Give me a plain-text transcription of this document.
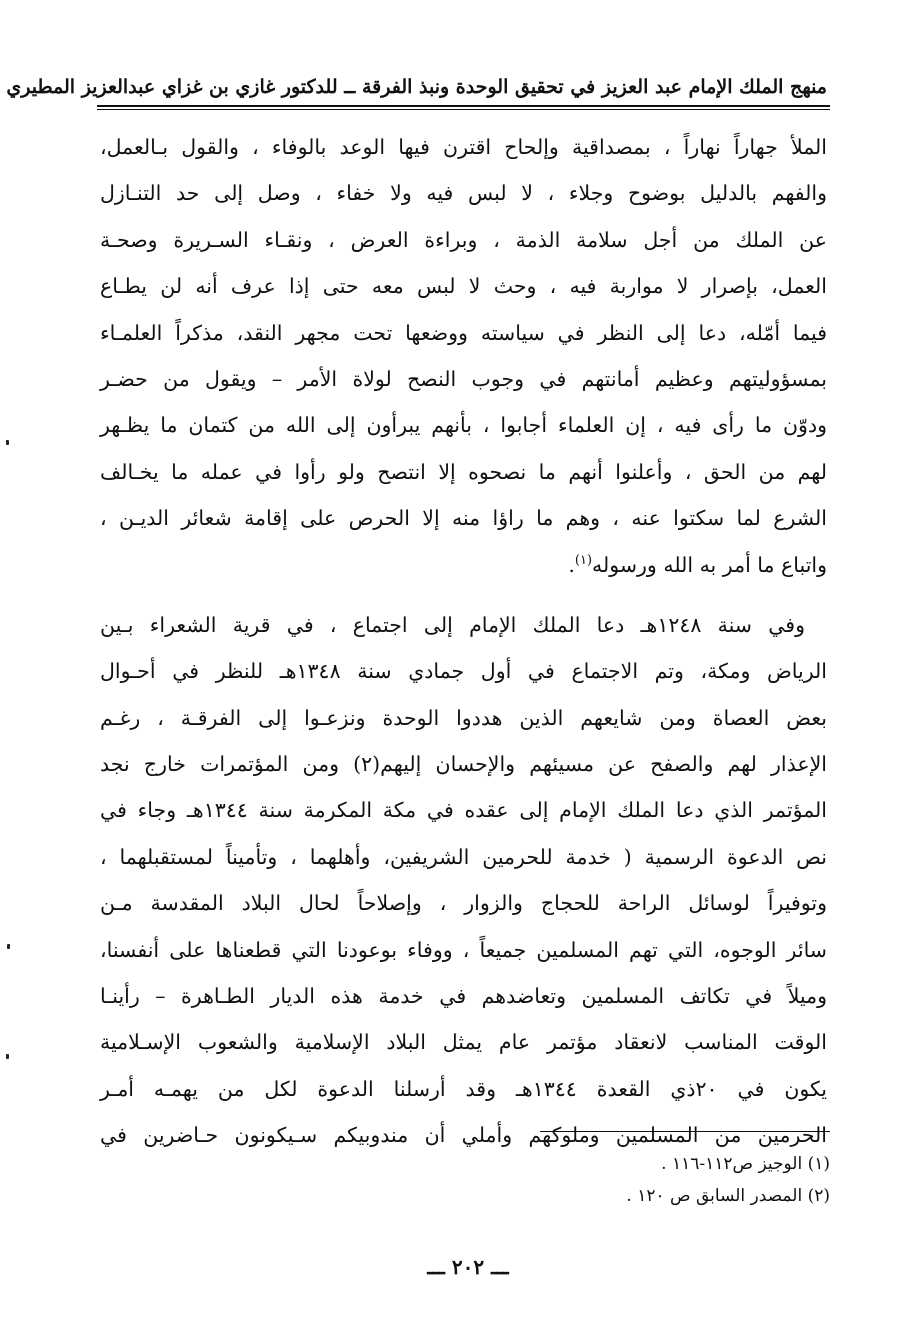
منهج الملك الإمام عبد العزيز في تحقيق الوحدة ونبذ الفرقة ــ للدكتور غازي بن غزاي عبدالعزيز المطيري
الملأ جهاراً نهاراً ، بمصداقية وإلحاح اقترن فيها الوعد بالوفاء ، والقول بـالعمل،
والفهم بالدليل بوضوح وجلاء ، لا لبس فيه ولا خفاء ، وصل إلى حد التنـازل
عن الملك من أجل سلامة الذمة ، وبراءة العرض ، ونقـاء السـريرة وصحـة
العمل، بإصرار لا مواربة فيه ، وحث لا لبس معه حتى إذا عرف أنه لن يطـاع
فيما أمّله، دعا إلى النظر في سياسته ووضعها تحت مجهر النقد، مذكراً العلمـاء
بمسؤوليتهم وعظيم أمانتهم في وجوب النصح لولاة الأمر – ويقول من حضـر
ودوّن ما رأى فيه ، إن العلماء أجابوا ، بأنهم يبرأون إلى الله من كتمان ما يظـهر
لهم من الحق ، وأعلنوا أنهم ما نصحوه إلا انتصح ولو رأوا في عمله ما يخـالف
الشرع لما سكتوا عنه ، وهم ما راؤا منه إلا الحرص على إقامة شعائر الديـن ،
واتباع ما أمر به الله ورسوله$^{(١)}$.
وفي سنة ١٢٤٨هـ دعا الملك الإمام إلى اجتماع ، في قرية الشعراء بـين
الرياض ومكة، وتم الاجتماع في أول جمادي سنة ١٣٤٨هـ للنظر في أحـوال
بعض العصاة ومن شايعهم الذين هددوا الوحدة ونزعـوا إلى الفرقـة ، رغـم
الإعذار لهم والصفح عن مسيئهم والإحسان إليهم(٢) ومن المؤتمرات خارج نجد
المؤتمر الذي دعا الملك الإمام إلى عقده في مكة المكرمة سنة ١٣٤٤هـ وجاء في
نص الدعوة الرسمية ( خدمة للحرمين الشريفين، وأهلهما ، وتأميناً لمستقبلهما ،
وتوفيراً لوسائل الراحة للحجاج والزوار ، وإصلاحاً لحال البلاد المقدسة مـن
سائر الوجوه، التي تهم المسلمين جميعاً ، ووفاء بوعودنا التي قطعناها على أنفسنا،
وميلاً في تكاتف المسلمين وتعاضدهم في خدمة هذه الديار الطـاهرة – رأينـا
الوقت المناسب لانعقاد مؤتمر عام يمثل البلاد الإسلامية والشعوب الإسـلامية
يكون في ٢٠ذي القعدة ١٣٤٤هـ وقد أرسلنا الدعوة لكل من يهمـه أمـر
الحرمين من المسلمين وملوكهم وأملي أن مندوبيكم سـيكونون حـاضرين في
(١) الوجيز ص١١٢-١١٦ .
(٢) المصدر السابق ص ١٢٠ .
ـــ ٢٠٢ ـــ
